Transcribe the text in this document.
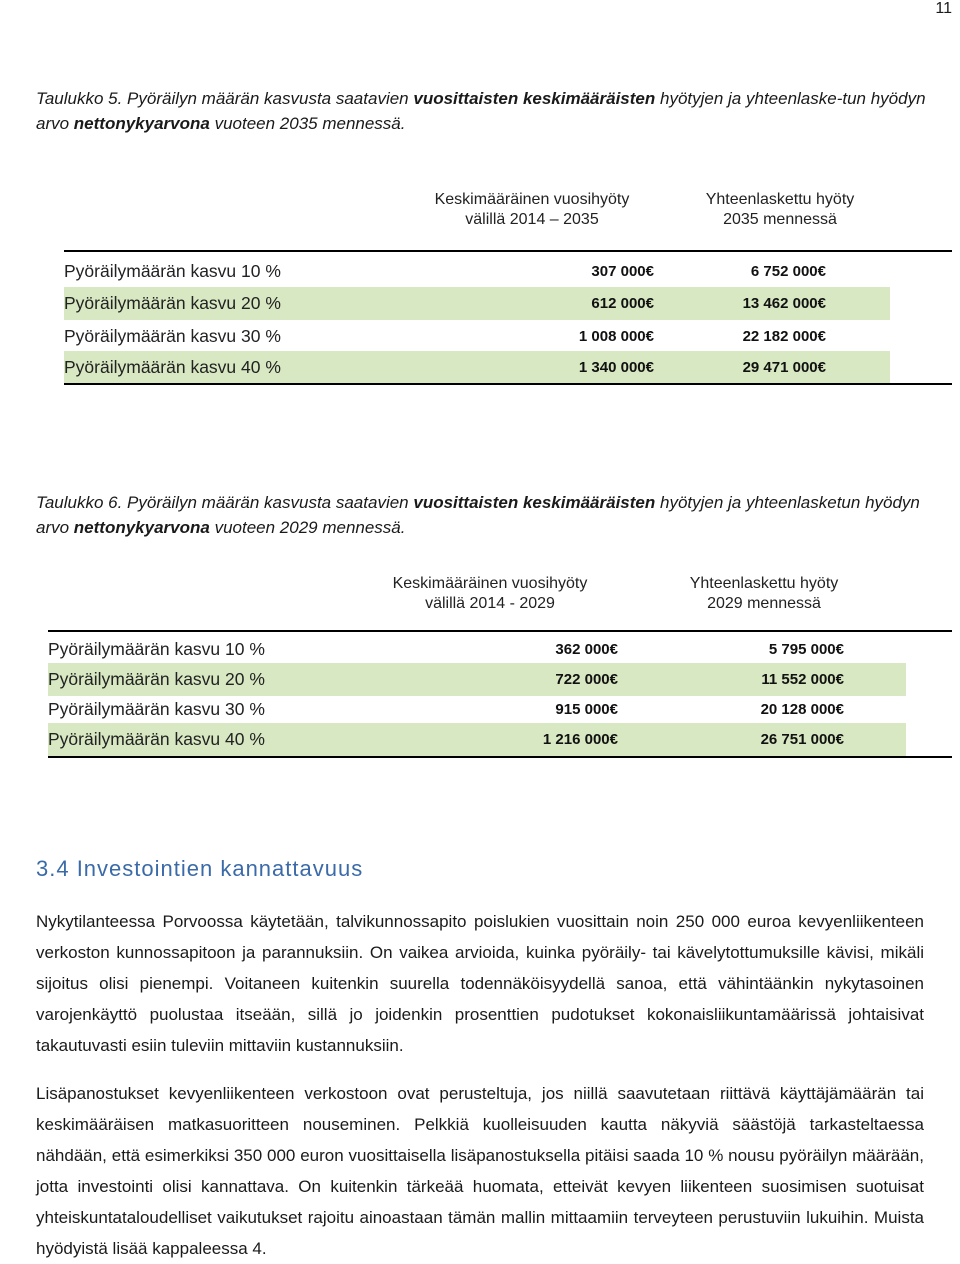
11
Taulukko 5. Pyöräilyn määrän kasvusta saatavien vuosittaisten keskimääräisten hyötyjen ja yhteenlaske-tun hyödyn arvo nettonykyarvona vuoteen 2035 mennessä.
Keskimääräinen vuosihyöty
välillä 2014 – 2035
Yhteenlaskettu hyöty
2035 mennessä
Pyöräilymäärän kasvu 10 %	307 000€	6 752 000€
Pyöräilymäärän kasvu 20 %	612 000€	13 462 000€
Pyöräilymäärän kasvu 30 %	1 008 000€	22 182 000€
Pyöräilymäärän kasvu 40 %	1 340 000€	29 471 000€
Taulukko 6. Pyöräilyn määrän kasvusta saatavien vuosittaisten keskimääräisten hyötyjen ja yhteenlasketun hyödyn arvo nettonykyarvona vuoteen 2029 mennessä.
Keskimääräinen vuosihyöty
välillä 2014 - 2029
Yhteenlaskettu hyöty
2029 mennessä
Pyöräilymäärän kasvu 10 %	362 000€	5 795 000€
Pyöräilymäärän kasvu 20 %	722 000€	11 552 000€
Pyöräilymäärän kasvu 30 %	915 000€	20 128 000€
Pyöräilymäärän kasvu 40 %	1 216 000€	26 751 000€
3.4 Investointien kannattavuus
Nykytilanteessa Porvoossa käytetään, talvikunnossapito poislukien vuosittain noin 250 000 euroa kevyenliikenteen verkoston kunnossapitoon ja parannuksiin. On vaikea arvioida, kuinka pyöräily- tai kävelytottumuksille kävisi, mikäli sijoitus olisi pienempi. Voitaneen kuitenkin suurella todennäköisyydellä sanoa, että vähintäänkin nykytasoinen varojenkäyttö puolustaa itseään, sillä jo joidenkin prosenttien pudotukset kokonaisliikuntamäärissä johtaisivat takautuvasti esiin tuleviin mittaviin kustannuksiin.
Lisäpanostukset kevyenliikenteen verkostoon ovat perusteltuja, jos niillä saavutetaan riittävä käyttäjämäärän tai keskimääräisen matkasuoritteen nouseminen. Pelkkiä kuolleisuuden kautta näkyviä säästöjä tarkasteltaessa nähdään, että esimerkiksi 350 000 euron vuosittaisella lisäpanostuksella pitäisi saada 10 % nousu pyöräilyn määrään, jotta investointi olisi kannattava. On kuitenkin tärkeää huomata, etteivät kevyen liikenteen suosimisen suotuisat yhteiskuntataloudelliset vaikutukset rajoitu ainoastaan tämän mallin mittaamiin terveyteen perustuviin lukuihin. Muista hyödyistä lisää kappaleessa 4.
